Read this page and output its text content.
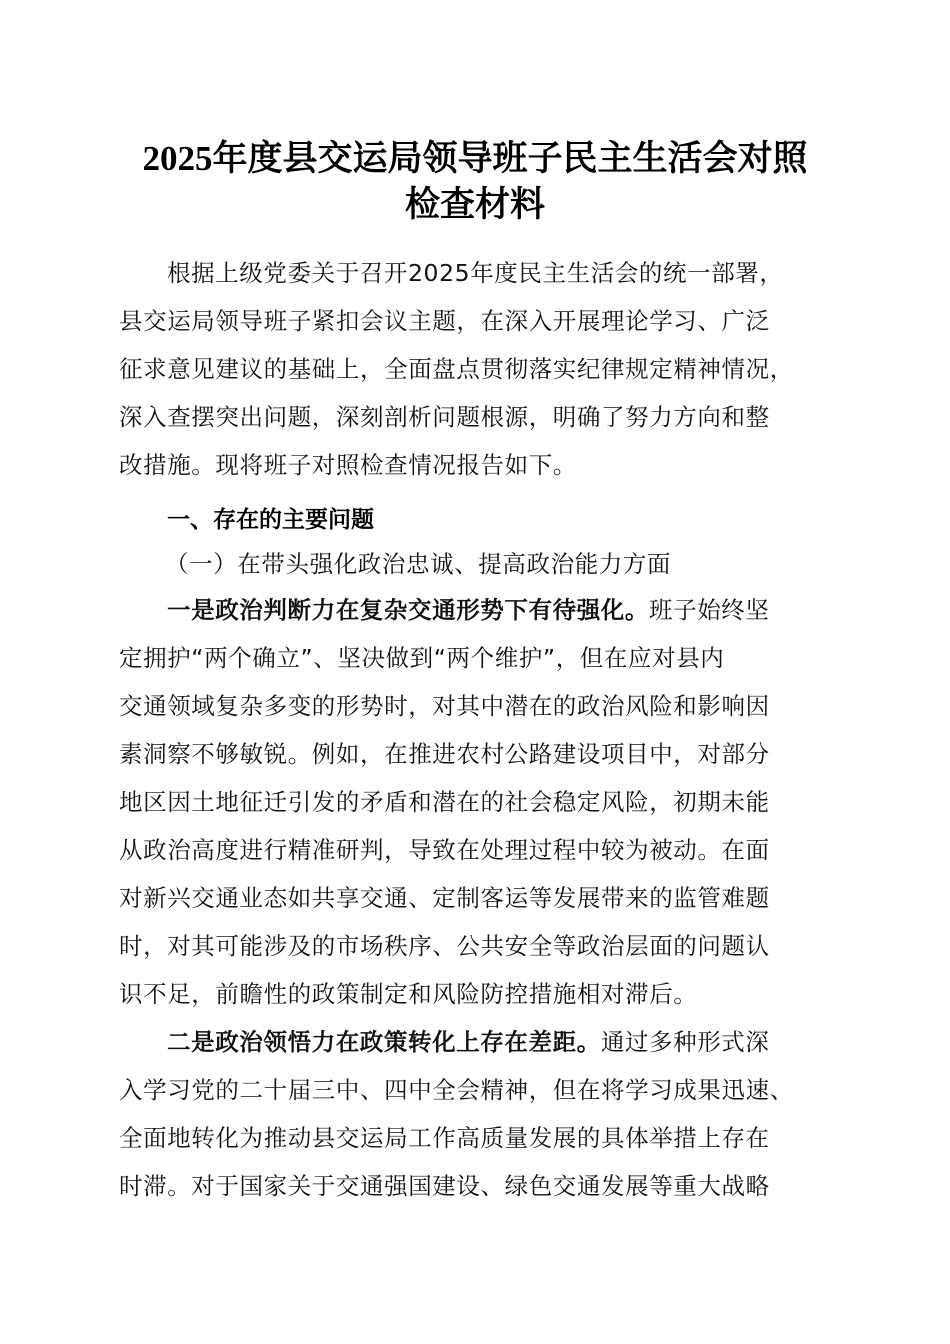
2025年度县交运局领导班子民主生活会对照
检查材料
根据上级党委关于召开2025年度民主生活会的统一部署，
县交运局领导班子紧扣会议主题，在深入开展理论学习、广泛
征求意见建议的基础上，全面盘点贯彻落实纪律规定精神情况，
深入查摆突出问题，深刻剖析问题根源，明确了努力方向和整
改措施。现将班子对照检查情况报告如下。
一、存在的主要问题
（一）在带头强化政治忠诚、提高政治能力方面
一是政治判断力在复杂交通形势下有待强化。班子始终坚
定拥护“两个确立”、坚决做到“两个维护”，但在应对县内
交通领域复杂多变的形势时，对其中潜在的政治风险和影响因
素洞察不够敏锐。例如，在推进农村公路建设项目中，对部分
地区因土地征迁引发的矛盾和潜在的社会稳定风险，初期未能
从政治高度进行精准研判，导致在处理过程中较为被动。在面
对新兴交通业态如共享交通、定制客运等发展带来的监管难题
时，对其可能涉及的市场秩序、公共安全等政治层面的问题认
识不足，前瞻性的政策制定和风险防控措施相对滞后。
二是政治领悟力在政策转化上存在差距。通过多种形式深
入学习党的二十届三中、四中全会精神，但在将学习成果迅速、
全面地转化为推动县交运局工作高质量发展的具体举措上存在
时滞。对于国家关于交通强国建设、绿色交通发展等重大战略
